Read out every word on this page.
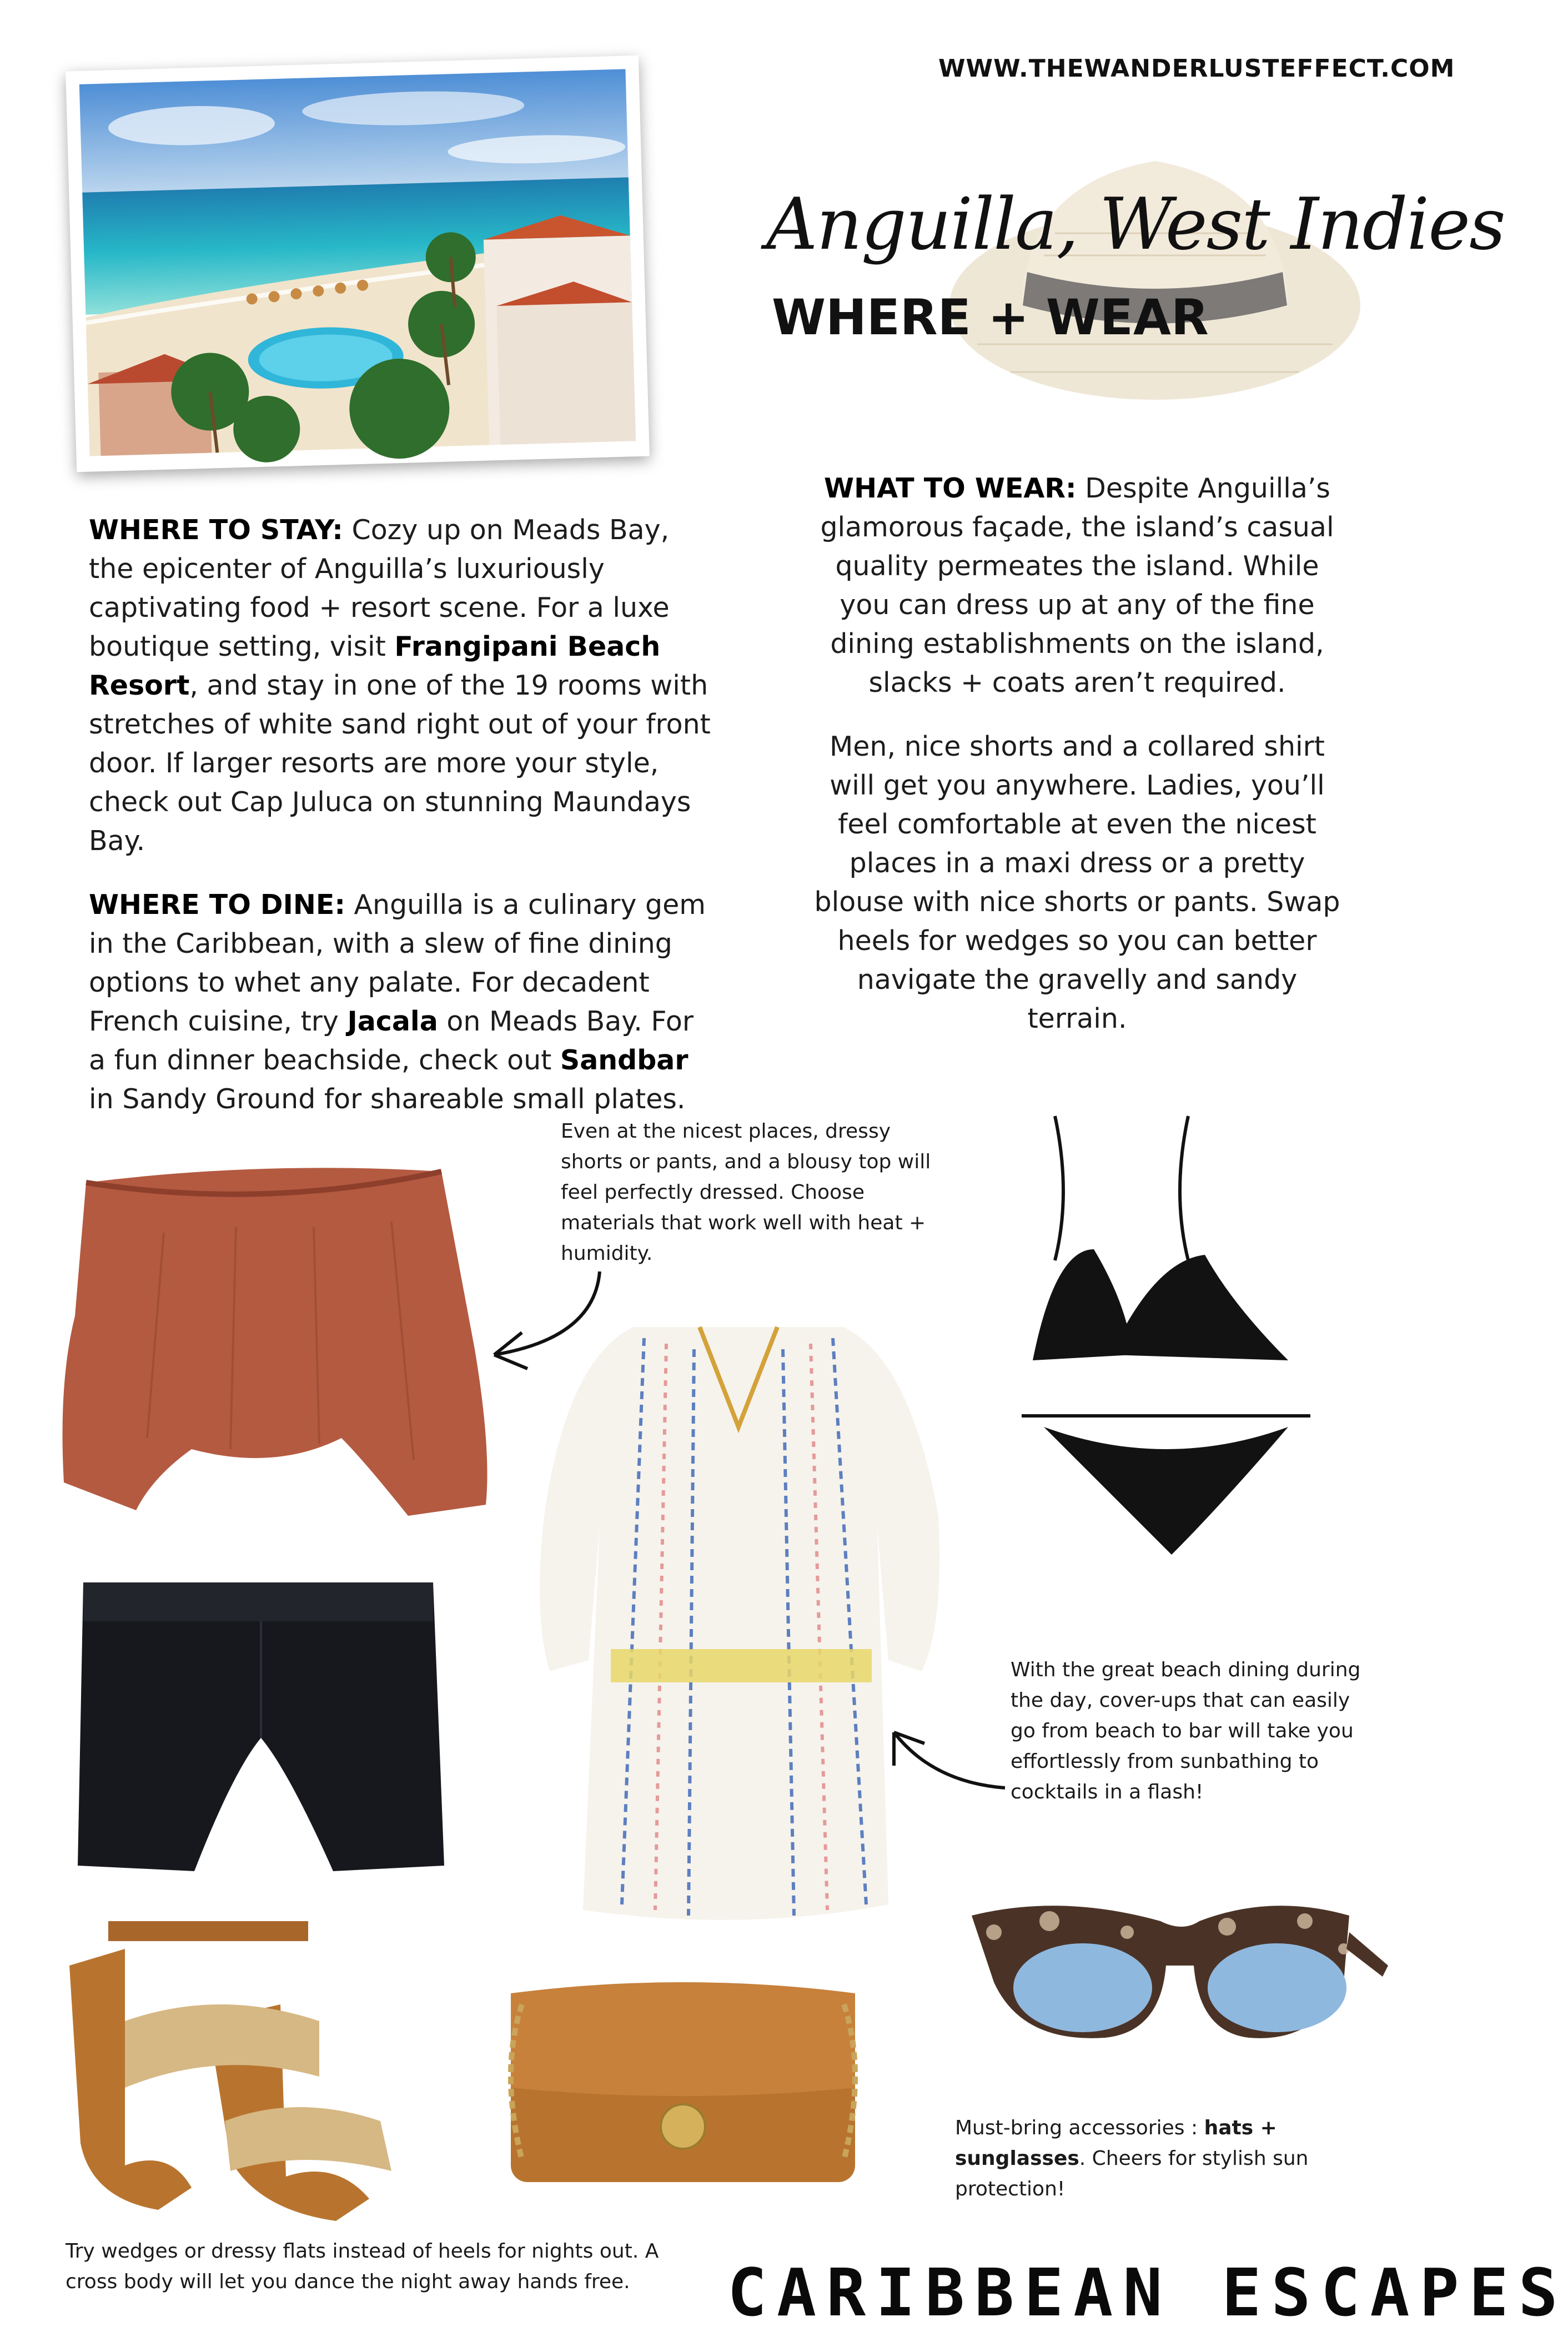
WWW.THEWANDERLUSTEFFECT.COM
Anguilla, West Indies
WHERE + WEAR
WHERE TO STAY: Cozy up on Meads Bay, the epicenter of Anguilla’s luxuriously captivating food + resort scene. For a luxe boutique setting, visit Frangipani Beach Resort, and stay in one of the 19 rooms with stretches of white sand right out of your front door. If larger resorts are more your style, check out Cap Juluca on stunning Maundays Bay.
WHERE TO DINE: Anguilla is a culinary gem in the Caribbean, with a slew of fine dining options to whet any palate. For decadent French cuisine, try Jacala on Meads Bay. For a fun dinner beachside, check out Sandbar in Sandy Ground for shareable small plates.
WHAT TO WEAR: Despite Anguilla’s glamorous façade, the island’s casual quality permeates the island. While you can dress up at any of the fine dining establishments on the island, slacks + coats aren’t required.
Men, nice shorts and a collared shirt will get you anywhere. Ladies, you’ll feel comfortable at even the nicest places in a maxi dress or a pretty blouse with nice shorts or pants. Swap heels for wedges so you can better navigate the gravelly and sandy terrain.
Even at the nicest places, dressy shorts or pants, and a blousy top will feel perfectly dressed. Choose materials that work well with heat + humidity.
With the great beach dining during the day, cover-ups that can easily go from beach to bar will take you effortlessly from sunbathing to cocktails in a flash!
Must-bring accessories : hats + sunglasses. Cheers for stylish sun protection!
Try wedges or dressy flats instead of heels for nights out. A cross body will let you dance the night away hands free.	CARIBBEAN ESCAPES
